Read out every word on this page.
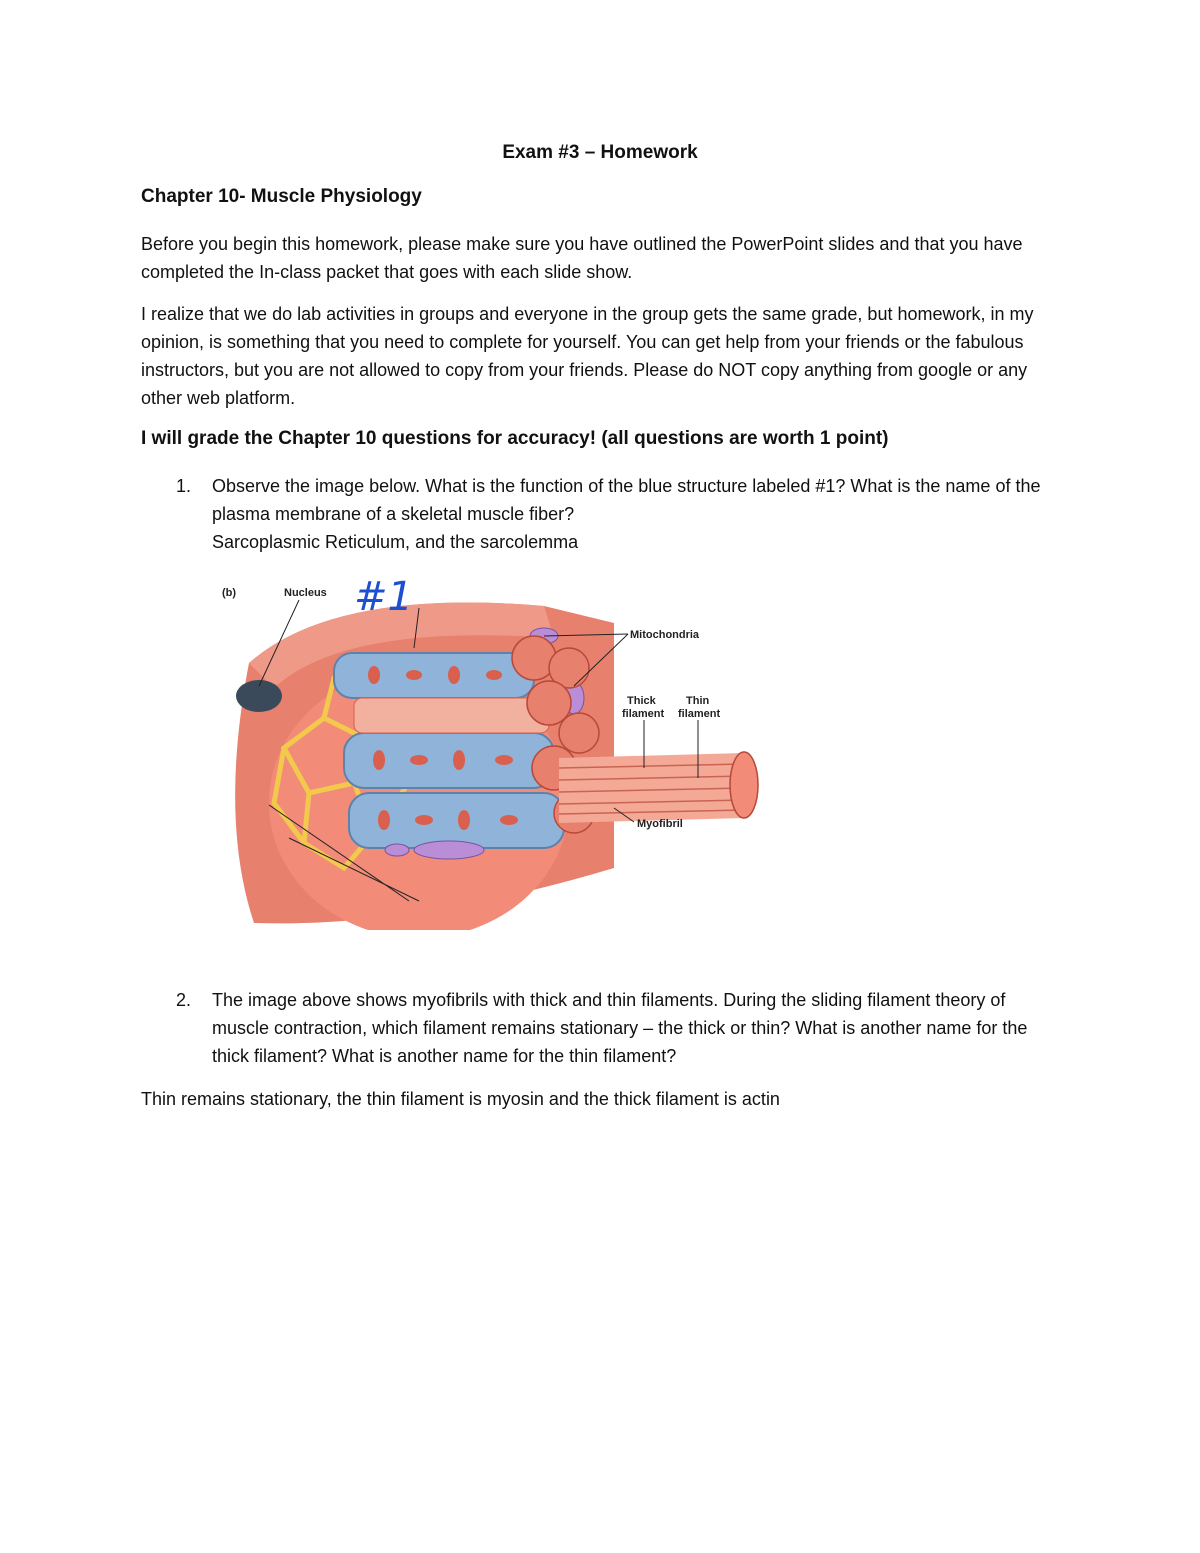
Exam #3 – Homework
Chapter 10- Muscle Physiology

Before you begin this homework, please make sure you have outlined the PowerPoint slides and that you have completed the In-class packet that goes with each slide show.

I realize that we do lab activities in groups and everyone in the group gets the same grade, but homework, in my opinion, is something that you need to complete for yourself. You can get help from your friends or the fabulous instructors, but you are not allowed to copy from your friends. Please do NOT copy anything from google or any other web platform.

I will grade the Chapter 10 questions for accuracy! (all questions are worth 1 point)
1. Observe the image below. What is the function of the blue structure labeled #1? What is the name of the plasma membrane of a skeletal muscle fiber?
Sarcoplasmic Reticulum, and the sarcolemma
(b)	Nucleus
Mitochondria
Thick
filament
Thin
filament
Myofibril
#1
2. The image above shows myofibrils with thick and thin filaments. During the sliding filament theory of muscle contraction, which filament remains stationary – the thick or thin? What is another name for the thick filament? What is another name for the thin filament?
Thin remains stationary, the thin filament is myosin and the thick filament is actin
